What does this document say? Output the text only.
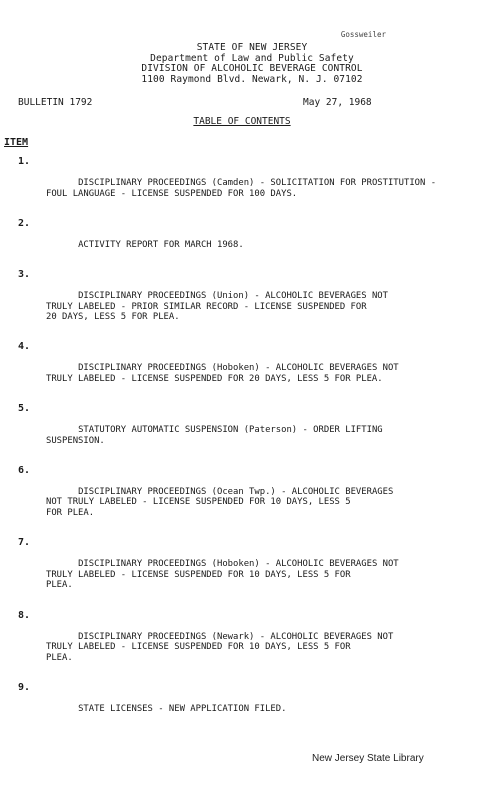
Gossweiler
STATE OF NEW JERSEY
Department of Law and Public Safety
DIVISION OF ALCOHOLIC BEVERAGE CONTROL
1100 Raymond Blvd. Newark, N. J. 07102
BULLETIN 1792	May 27, 1968
TABLE OF CONTENTS
ITEM

1.

DISCIPLINARY PROCEEDINGS (Camden) - SOLICITATION FOR PROSTITUTION -
FOUL LANGUAGE - LICENSE SUSPENDED FOR 100 DAYS.

2.

ACTIVITY REPORT FOR MARCH 1968.

3.

DISCIPLINARY PROCEEDINGS (Union) - ALCOHOLIC BEVERAGES NOT
TRULY LABELED - PRIOR SIMILAR RECORD - LICENSE SUSPENDED FOR
20 DAYS, LESS 5 FOR PLEA.

4.

DISCIPLINARY PROCEEDINGS (Hoboken) - ALCOHOLIC BEVERAGES NOT
TRULY LABELED - LICENSE SUSPENDED FOR 20 DAYS, LESS 5 FOR PLEA.

5.

STATUTORY AUTOMATIC SUSPENSION (Paterson) - ORDER LIFTING
SUSPENSION.

6.

DISCIPLINARY PROCEEDINGS (Ocean Twp.) - ALCOHOLIC BEVERAGES
NOT TRULY LABELED - LICENSE SUSPENDED FOR 10 DAYS, LESS 5
FOR PLEA.

7.

DISCIPLINARY PROCEEDINGS (Hoboken) - ALCOHOLIC BEVERAGES NOT
TRULY LABELED - LICENSE SUSPENDED FOR 10 DAYS, LESS 5 FOR
PLEA.

8.

DISCIPLINARY PROCEEDINGS (Newark) - ALCOHOLIC BEVERAGES NOT
TRULY LABELED - LICENSE SUSPENDED FOR 10 DAYS, LESS 5 FOR
PLEA.

9.

STATE LICENSES - NEW APPLICATION FILED.

New Jersey State Library
